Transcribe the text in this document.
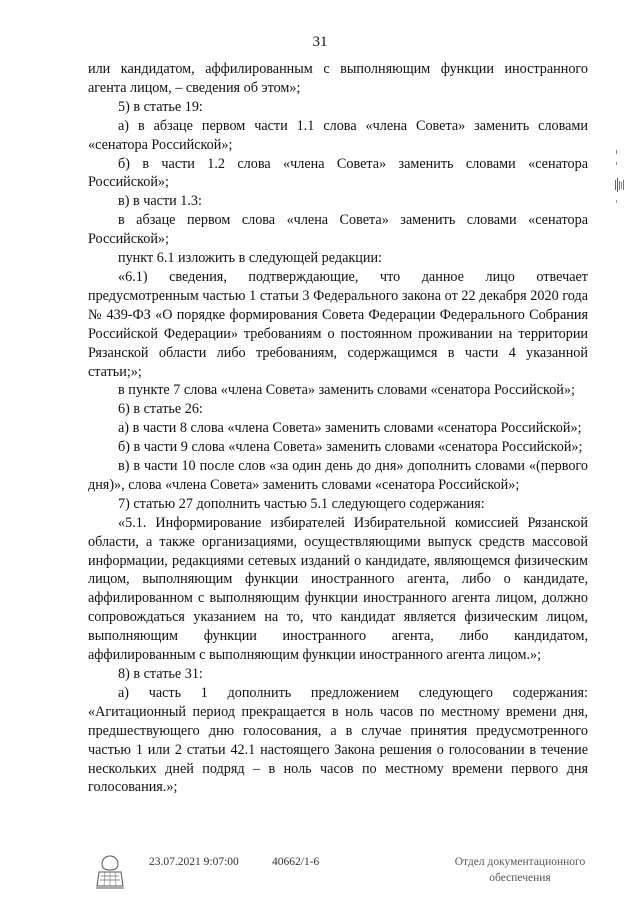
31

или кандидатом, аффилированным с выполняющим функции иностранного агента лицом, – сведения об этом»;

5) в статье 19:

а) в абзаце первом части 1.1 слова «члена Совета» заменить словами «сенатора Российской»;

б) в части 1.2 слова «члена Совета» заменить словами «сенатора Российской»;

в) в части 1.3:

в абзаце первом слова «члена Совета» заменить словами «сенатора Российской»;

пункт 6.1 изложить в следующей редакции:

«6.1) сведения, подтверждающие, что данное лицо отвечает предусмотренным частью 1 статьи 3 Федерального закона от 22 декабря 2020 года № 439-ФЗ «О порядке формирования Совета Федерации Федерального Собрания Российской Федерации» требованиям о постоянном проживании на территории Рязанской области либо требованиям, содержащимся в части 4 указанной статьи;»;

в пункте 7 слова «члена Совета» заменить словами «сенатора Российской»;

6) в статье 26:

а) в части 8 слова «члена Совета» заменить словами «сенатора Российской»;

б) в части 9 слова «члена Совета» заменить словами «сенатора Российской»;

в) в части 10 после слов «за один день до дня» дополнить словами «(первого дня)», слова «члена Совета» заменить словами «сенатора Российской»;

7) статью 27 дополнить частью 5.1 следующего содержания:

«5.1. Информирование избирателей Избирательной комиссией Рязанской области, а также организациями, осуществляющими выпуск средств массовой информации, редакциями сетевых изданий о кандидате, являющемся физическим лицом, выполняющим функции иностранного агента, либо о кандидате, аффилированном с выполняющим функции иностранного агента лицом, должно сопровождаться указанием на то, что кандидат является физическим лицом, выполняющим функции иностранного агента, либо кандидатом, аффилированным с выполняющим функции иностранного агента лицом.»;

8) в статье 31:

а) часть 1 дополнить предложением следующего содержания: «Агитационный период прекращается в ноль часов по местному времени дня, предшествующего дню голосования, а в случае принятия предусмотренного частью 1 или 2 статьи 42.1 настоящего Закона решения о голосовании в течение нескольких дней подряд – в ноль часов по местному времени первого дня голосования.»;

23.07.2021 9:07:00	40662/1-6	Отдел документационного
обеспечения
